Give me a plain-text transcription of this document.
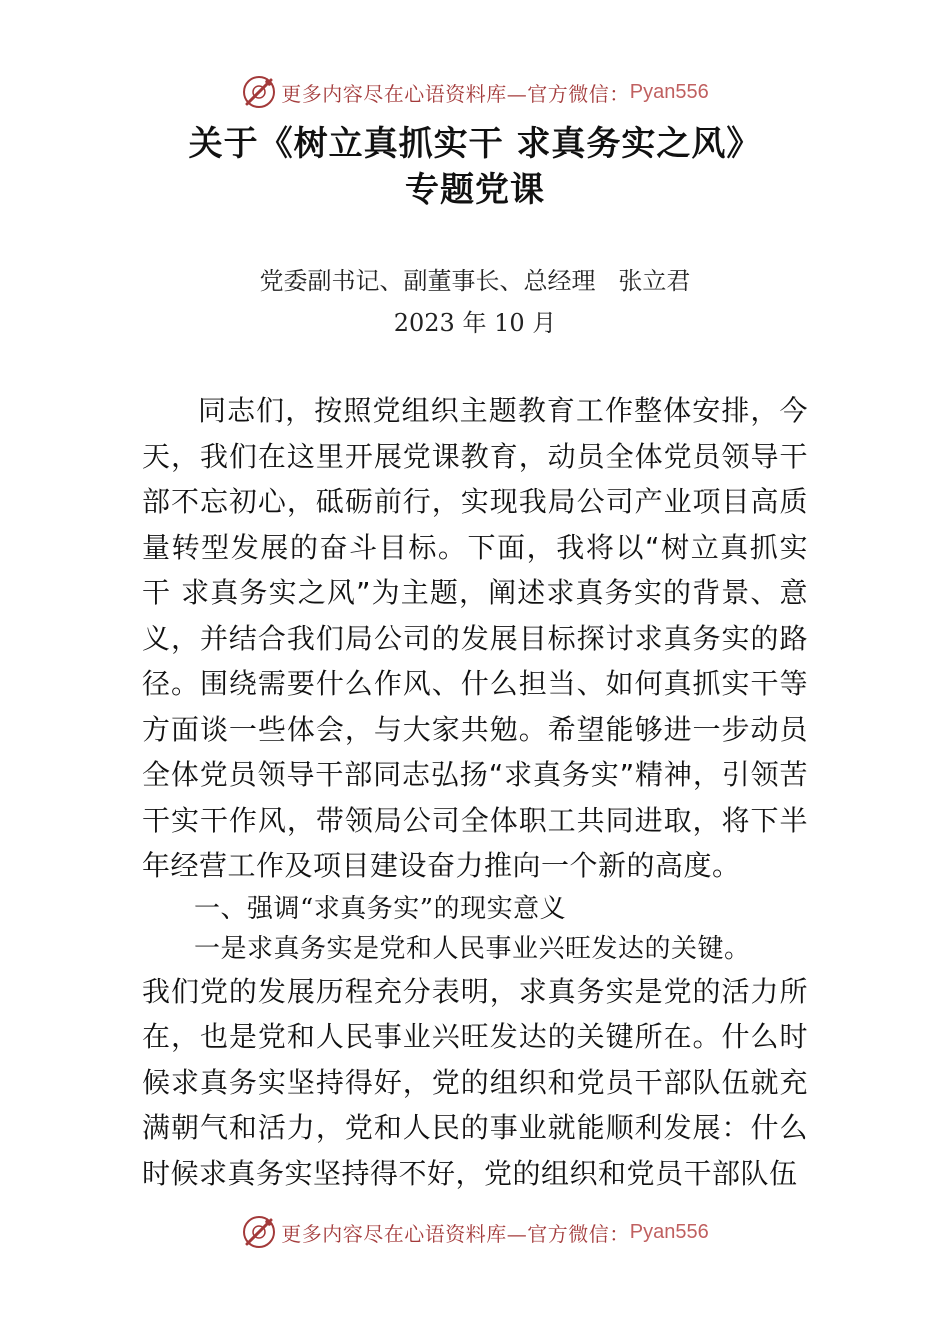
更多内容尽在心语资料库—官方微信： Pyan556
关于《树立真抓实干 求真务实之风》
专题党课
党委副书记、副董事长、总经理   张立君
2023 年 10 月

同志们，按照党组织主题教育工作整体安排，今天，我们在这里开展党课教育，动员全体党员领导干部不忘初心，砥砺前行，实现我局公司产业项目高质量转型发展的奋斗目标。下面，我将以“树立真抓实干 求真务实之风”为主题，阐述求真务实的背景、意义，并结合我们局公司的发展目标探讨求真务实的路径。围绕需要什么作风、什么担当、如何真抓实干等方面谈一些体会，与大家共勉。希望能够进一步动员全体党员领导干部同志弘扬“求真务实”精神，引领苦干实干作风，带领局公司全体职工共同进取，将下半年经营工作及项目建设奋力推向一个新的高度。

一、强调“求真务实”的现实意义

一是求真务实是党和人民事业兴旺发达的关键。

我们党的发展历程充分表明，求真务实是党的活力所在，也是党和人民事业兴旺发达的关键所在。什么时候求真务实坚持得好，党的组织和党员干部队伍就充满朝气和活力，党和人民的事业就能顺利发展：什么时候求真务实坚持得不好，党的组织和党员干部队伍

更多内容尽在心语资料库—官方微信： Pyan556
